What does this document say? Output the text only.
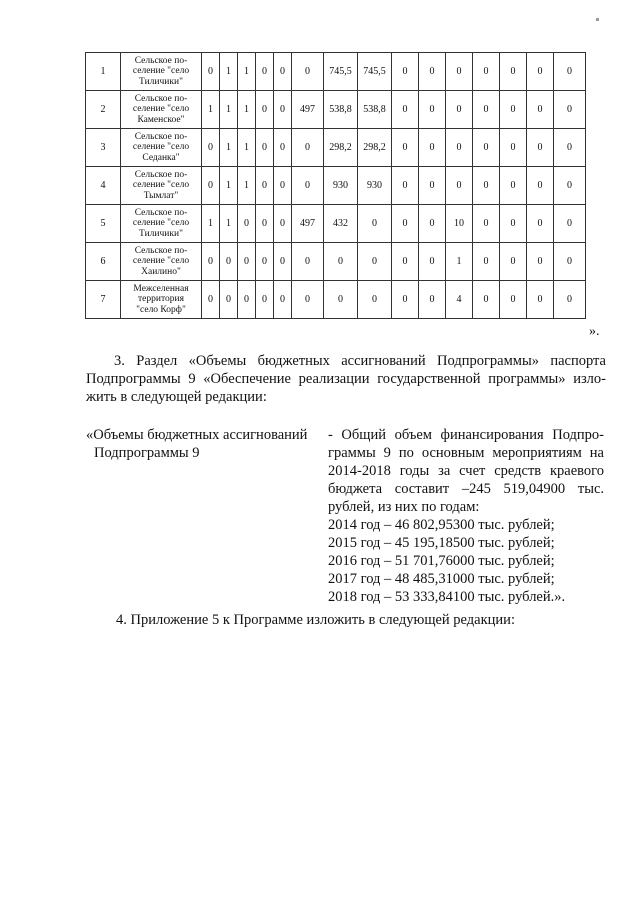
1	Сельское по-
селение "село
Тиличики"	0	1	1	0	0	0	745,5	745,5	0	0	0	0	0	0	0
2	Сельское по-
селение "село
Каменское"	1	1	1	0	0	497	538,8	538,8	0	0	0	0	0	0	0
3	Сельское по-
селение "село
Седанка"	0	1	1	0	0	0	298,2	298,2	0	0	0	0	0	0	0
4	Сельское по-
селение "село
Тымлат"	0	1	1	0	0	0	930	930	0	0	0	0	0	0	0
5	Сельское по-
селение "село
Тиличики"	1	1	0	0	0	497	432	0	0	0	10	0	0	0	0
6	Сельское по-
селение "село
Хаилино"	0	0	0	0	0	0	0	0	0	0	1	0	0	0	0
7	Межселенная
территория
"село Корф"	0	0	0	0	0	0	0	0	0	0	4	0	0	0	0
».
3. Раздел «Объемы бюджетных ассигнований Подпрограммы» паспорта
Подпрограммы 9 «Обеспечение реализации государственной программы» изло-
жить в следующей редакции:
«Объемы бюджетных ассигнований
Подпрограммы 9
- Общий объем финансирования Подпро-
граммы 9 по основным мероприятиям на
2014-2018 годы за счет средств краевого
бюджета составит –245 519,04900 тыс.
рублей, из них по годам:
2014 год – 46 802,95300 тыс. рублей;
2015 год – 45 195,18500 тыс. рублей;
2016 год – 51 701,76000 тыс. рублей;
2017 год – 48 485,31000 тыс. рублей;
2018 год – 53 333,84100 тыс. рублей.».
4. Приложение 5 к Программе изложить в следующей редакции:
